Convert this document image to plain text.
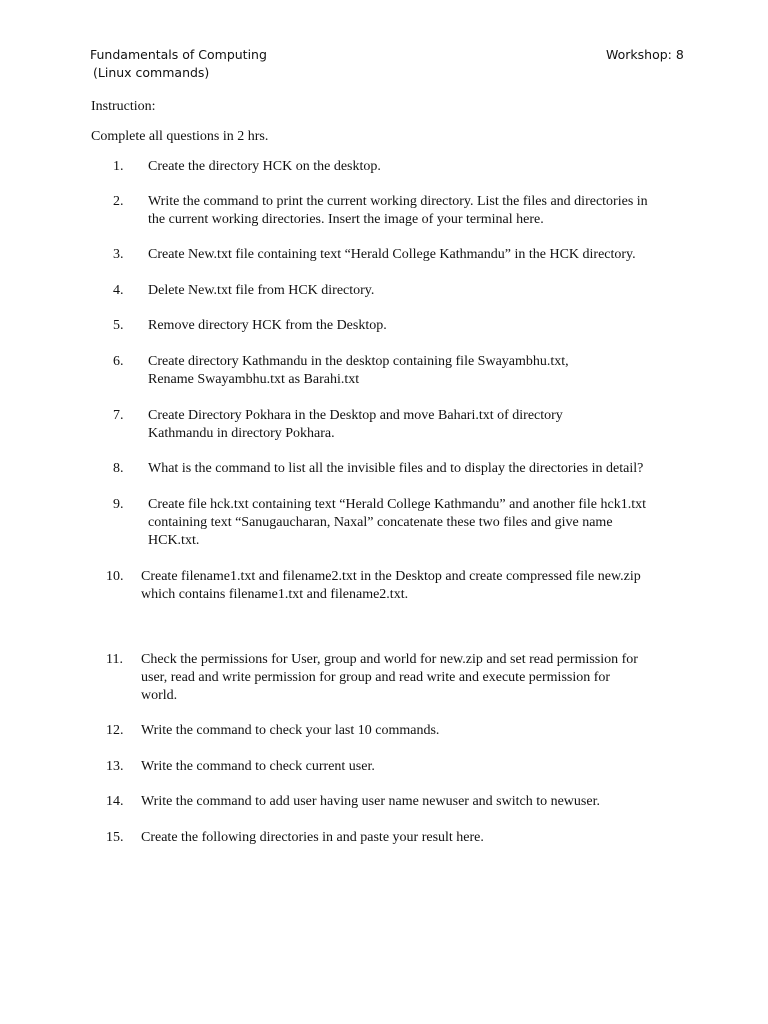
Fundamentals of Computing
(Linux commands)
Workshop: 8
Instruction:
Complete all questions in 2 hrs.
1.	Create the directory HCK on the desktop.
2.	Write the command to print the current working directory. List the files and directories in
the current working directories. Insert the image of your terminal here.
3.	Create New.txt file containing text “Herald College Kathmandu” in the HCK directory.
4.	Delete New.txt file from HCK directory.
5.	Remove directory HCK from the Desktop.
6.	Create directory Kathmandu in the desktop containing file Swayambhu.txt,
Rename Swayambhu.txt as Barahi.txt
7.	Create Directory Pokhara in the Desktop and move Bahari.txt of directory
Kathmandu in directory Pokhara.
8.	What is the command to list all the invisible files and to display the directories in detail?
9.	Create file hck.txt containing text “Herald College Kathmandu” and another file hck1.txt
containing text “Sanugaucharan, Naxal” concatenate these two files and give name
HCK.txt.
10.	Create filename1.txt and filename2.txt in the Desktop and create compressed file new.zip
which contains filename1.txt and filename2.txt.
11.	Check the permissions for User, group and world for new.zip and set read permission for
user, read and write permission for group and read write and execute permission for
world.
12.	Write the command to check your last 10 commands.
13.	Write the command to check current user.
14.	Write the command to add user having user name newuser and switch to newuser.
15.	Create the following directories in and paste your result here.
